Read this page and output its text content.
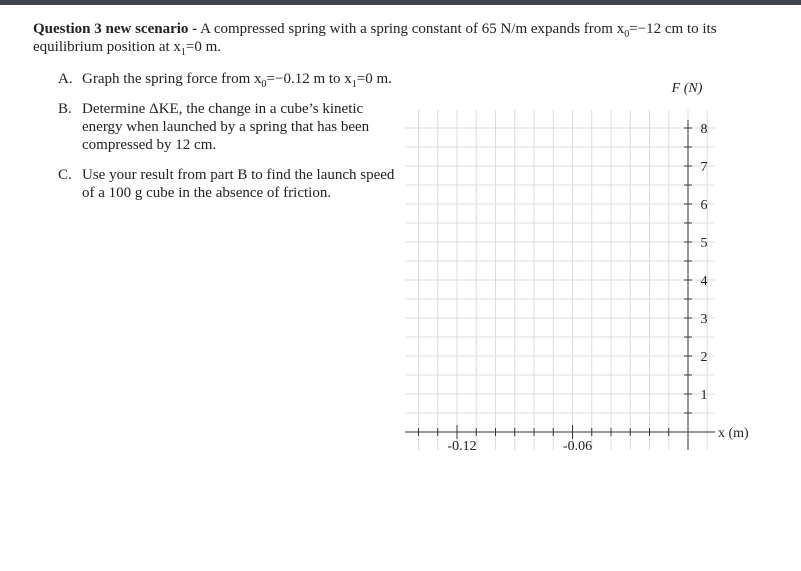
Question 3 new scenario - A compressed spring with a spring constant of 65 N/m expands from $x_0=-12$ cm to its equilibrium position at $x_1=0$ m.
A. Graph the spring force from $x_0=-0.12$ m to $x_1=0$ m.
B. Determine ΔKE, the change in a cube’s kinetic energy when launched by a spring that has been compressed by 12 cm.
C. Use your result from part B to find the launch speed of a 100 g cube in the absence of friction.
F (N)
x (m)
-0.12	-0.06
1
2
3
4
5
6
7
8
